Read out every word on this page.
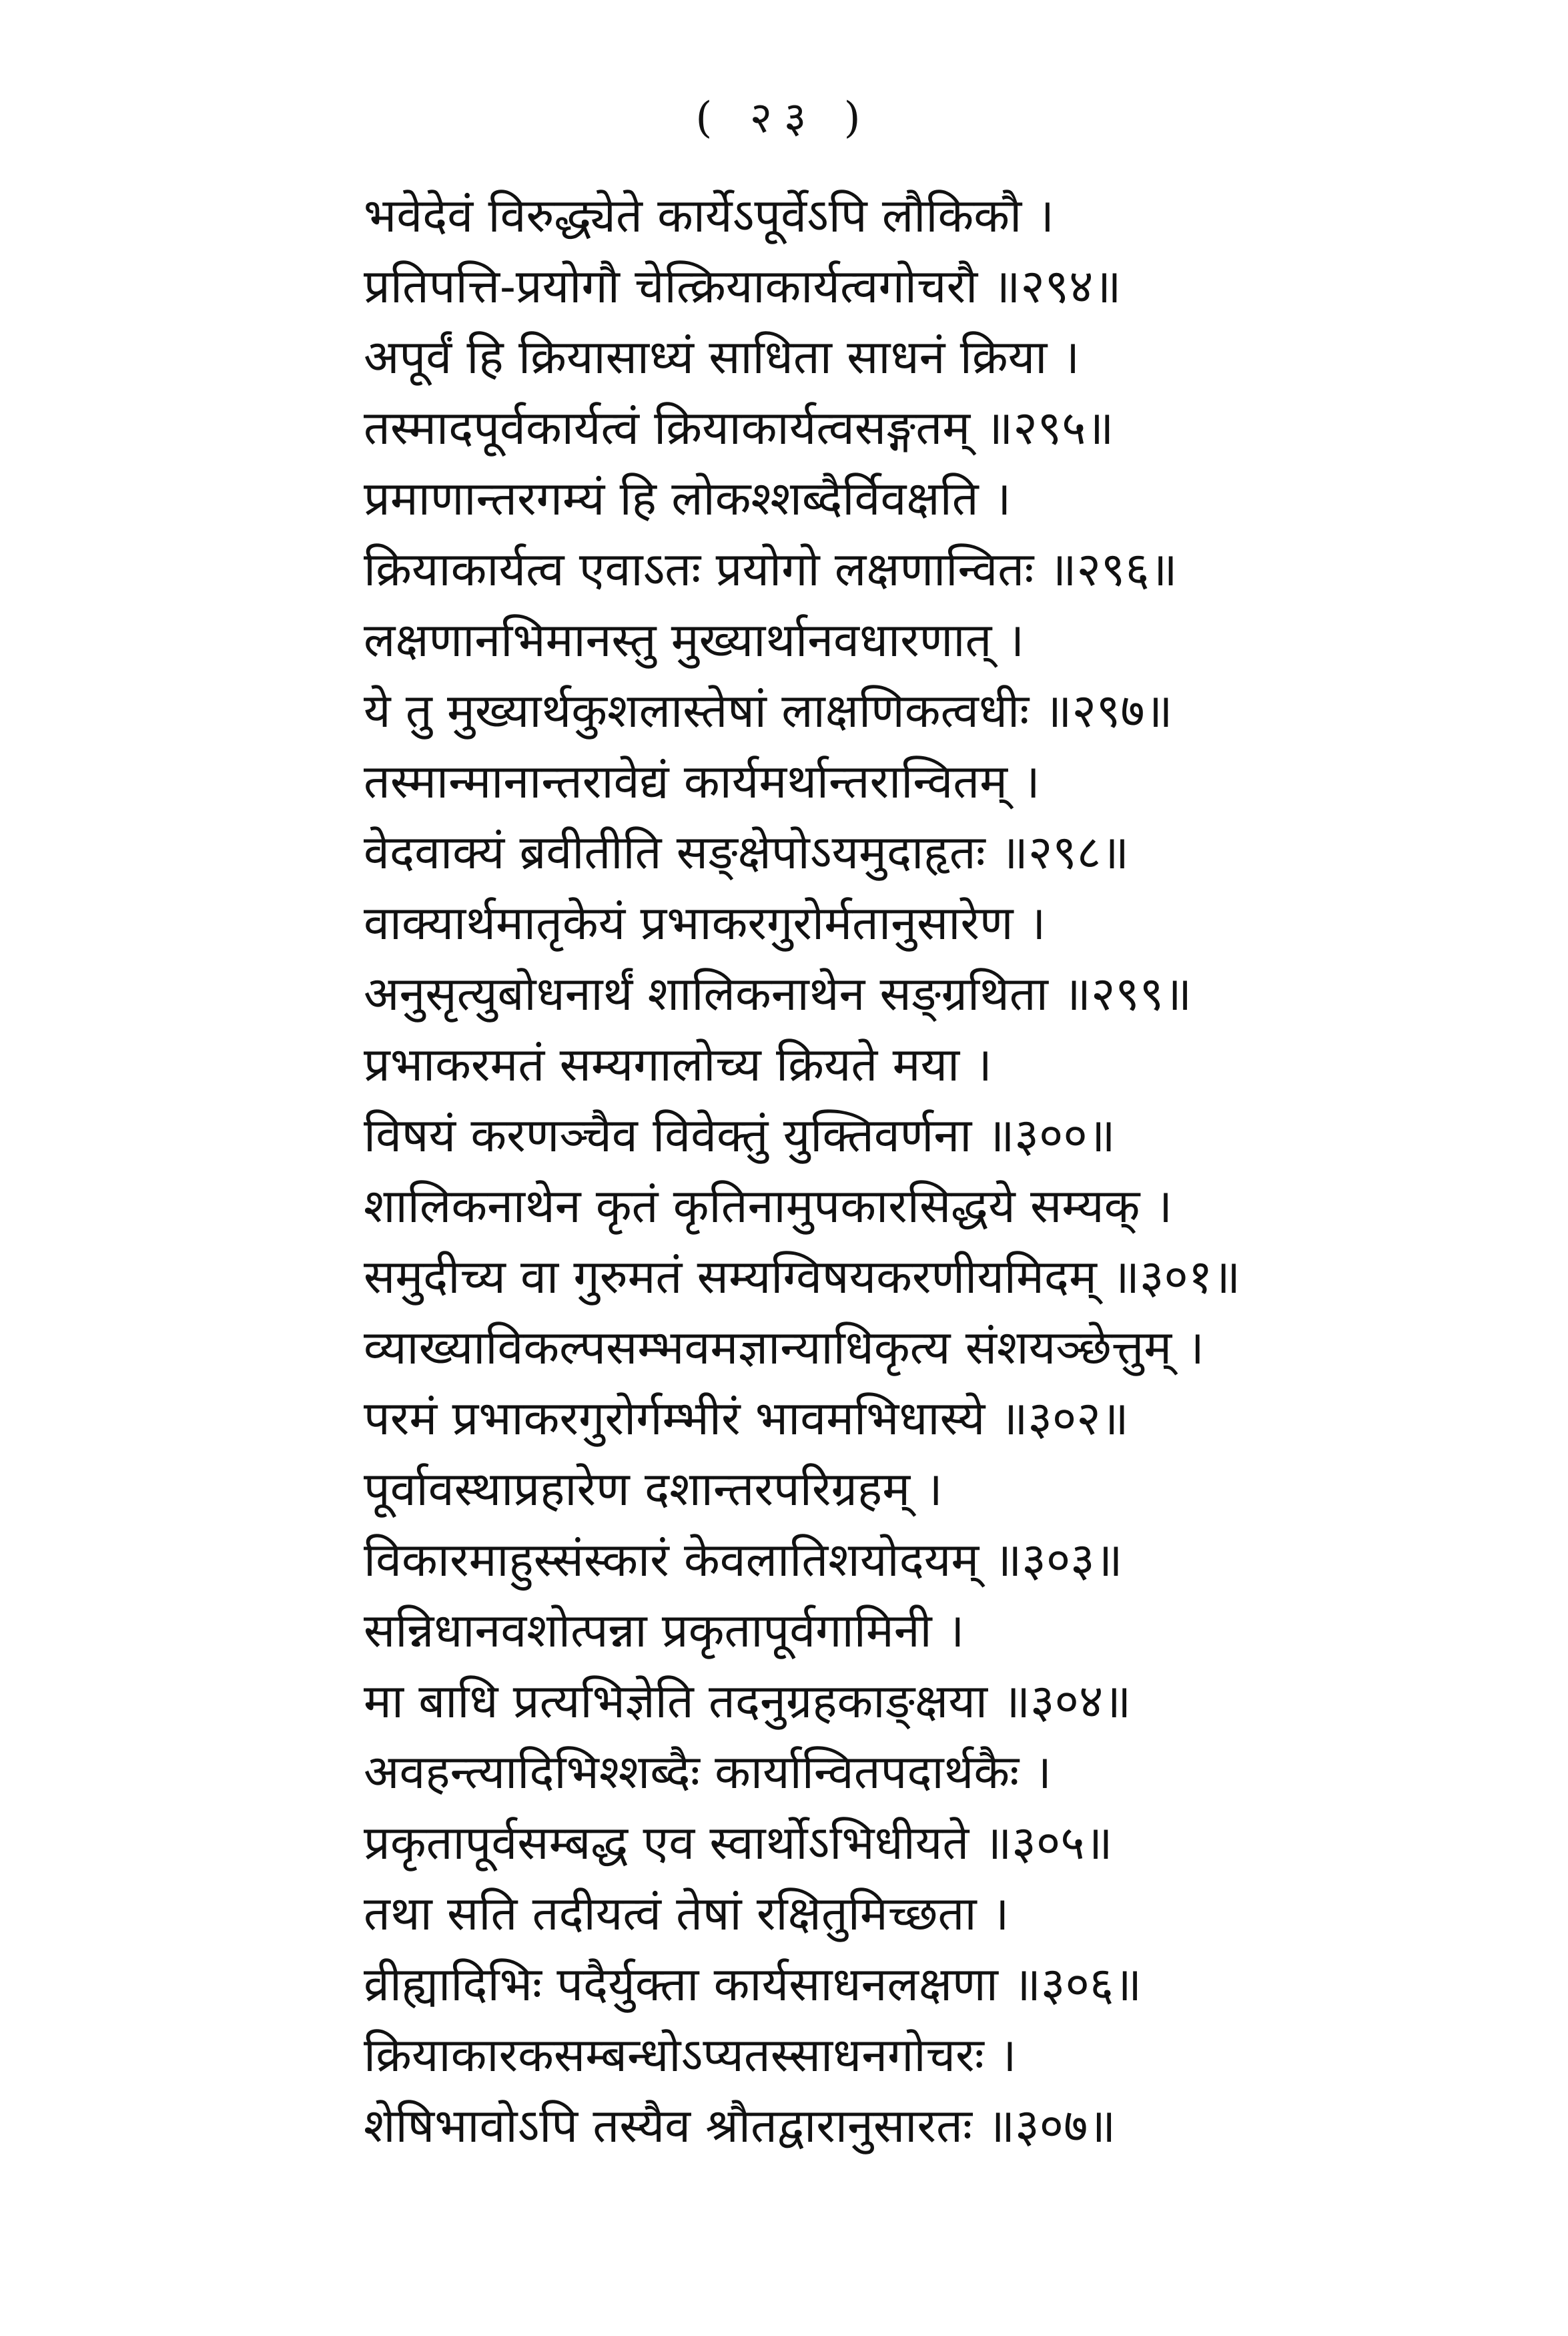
( २३ )
भवेदेवं विरुद्ध्येते कार्येऽपूर्वेऽपि लौकिकौ ।
प्रतिपत्ति-प्रयोगौ चेत्क्रियाकार्यत्वगोचरौ ॥२९४॥
अपूर्वं हि क्रियासाध्यं साधिता साधनं क्रिया ।
तस्मादपूर्वकार्यत्वं क्रियाकार्यत्वसङ्गतम् ॥२९५॥
प्रमाणान्तरगम्यं हि लोकश्शब्दैर्विवक्षति ।
क्रियाकार्यत्व एवाऽतः प्रयोगो लक्षणान्वितः ॥२९६॥
लक्षणानभिमानस्तु मुख्यार्थानवधारणात् ।
ये तु मुख्यार्थकुशलास्तेषां लाक्षणिकत्वधीः ॥२९७॥
तस्मान्मानान्तरावेद्यं कार्यमर्थान्तरान्वितम् ।
वेदवाक्यं ब्रवीतीति सङ्क्षेपोऽयमुदाहृतः ॥२९८॥
वाक्यार्थमातृकेयं प्रभाकरगुरोर्मतानुसारेण ।
अनुसृत्युबोधनार्थं शालिकनाथेन सङ्ग्रथिता ॥२९९॥
प्रभाकरमतं सम्यगालोच्य क्रियते मया ।
विषयं करणञ्चैव विवेक्तुं युक्तिवर्णना ॥३००॥
शालिकनाथेन कृतं कृतिनामुपकारसिद्धये सम्यक् ।
समुदीच्य वा गुरुमतं सम्यग्विषयकरणीयमिदम् ॥३०१॥
व्याख्याविकल्पसम्भवमज्ञान्याधिकृत्य संशयञ्छेत्तुम् ।
परमं प्रभाकरगुरोर्गम्भीरं भावमभिधास्ये ॥३०२॥
पूर्वावस्थाप्रहारेण दशान्तरपरिग्रहम् ।
विकारमाहुस्संस्कारं केवलातिशयोदयम् ॥३०३॥
सन्निधानवशोत्पन्ना प्रकृतापूर्वगामिनी ।
मा बाधि प्रत्यभिज्ञेति तदनुग्रहकाङ्क्षया ॥३०४॥
अवहन्त्यादिभिश्शब्दैः कार्यान्वितपदार्थकैः ।
प्रकृतापूर्वसम्बद्ध एव स्वार्थोऽभिधीयते ॥३०५॥
तथा सति तदीयत्वं तेषां रक्षितुमिच्छता ।
व्रीह्यादिभिः पदैर्युक्ता कार्यसाधनलक्षणा ॥३०६॥
क्रियाकारकसम्बन्धोऽप्यतस्साधनगोचरः ।
शेषिभावोऽपि तस्यैव श्रौतद्वारानुसारतः ॥३०७॥
